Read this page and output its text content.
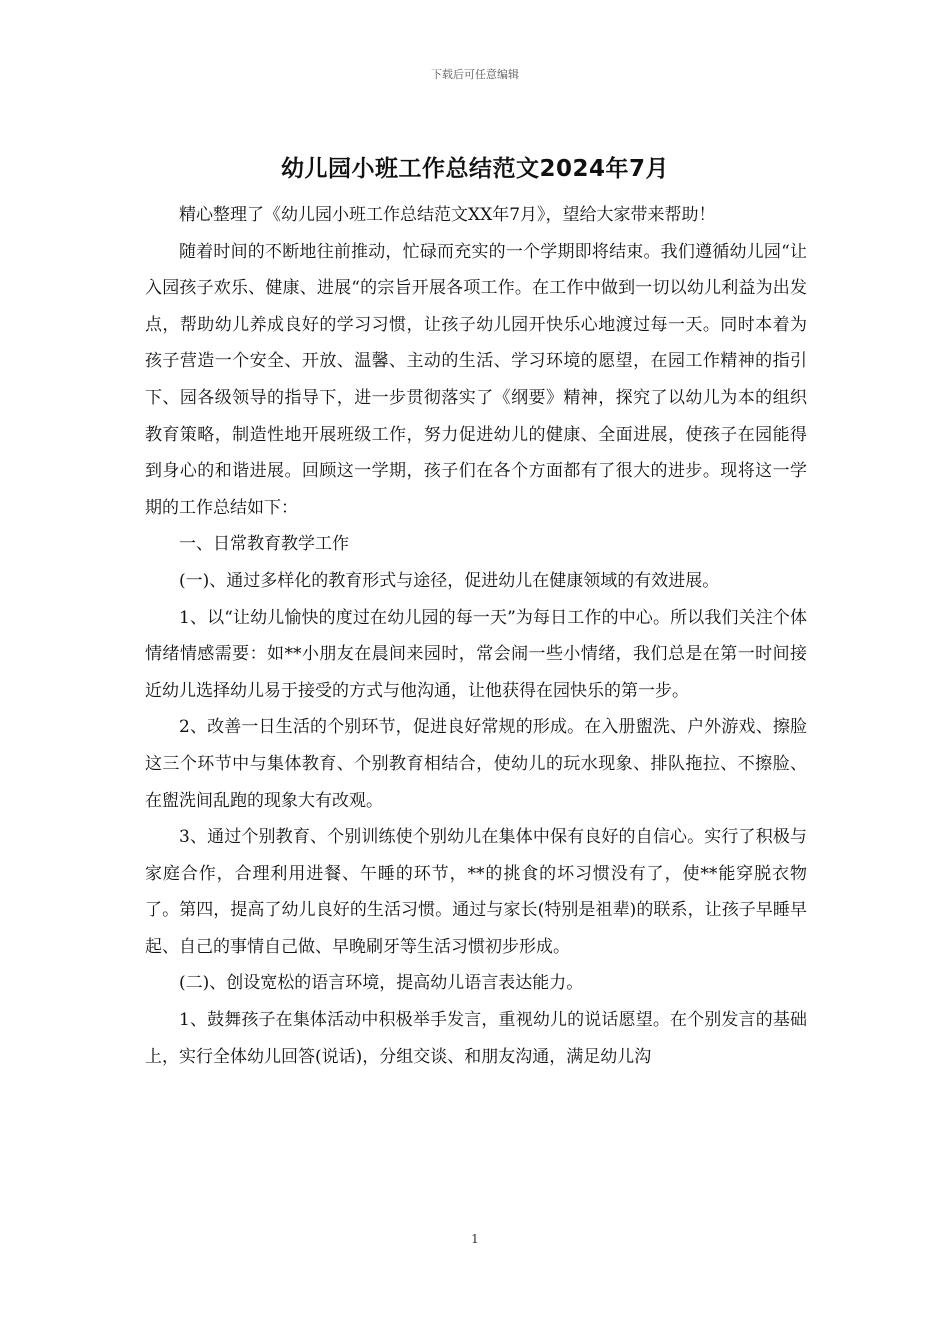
下载后可任意编辑
幼儿园小班工作总结范文2024年7月

精心整理了《幼儿园小班工作总结范文XX年7月》，望给大家带来帮助！

随着时间的不断地往前推动，忙碌而充实的一个学期即将结束。我们遵循幼儿园“让入园孩子欢乐、健康、进展“的宗旨开展各项工作。在工作中做到一切以幼儿利益为出发点，帮助幼儿养成良好的学习习惯，让孩子幼儿园开快乐心地渡过每一天。同时本着为孩子营造一个安全、开放、温馨、主动的生活、学习环境的愿望，在园工作精神的指引下、园各级领导的指导下，进一步贯彻落实了《纲要》精神，探究了以幼儿为本的组织教育策略，制造性地开展班级工作，努力促进幼儿的健康、全面进展，使孩子在园能得到身心的和谐进展。回顾这一学期，孩子们在各个方面都有了很大的进步。现将这一学期的工作总结如下：

一、日常教育教学工作

(一)、通过多样化的教育形式与途径，促进幼儿在健康领域的有效进展。

1、以“让幼儿愉快的度过在幼儿园的每一天”为每日工作的中心。所以我们关注个体情绪情感需要：如**小朋友在晨间来园时，常会闹一些小情绪，我们总是在第一时间接近幼儿选择幼儿易于接受的方式与他沟通，让他获得在园快乐的第一步。

2、改善一日生活的个别环节，促进良好常规的形成。在入册盥洗、户外游戏、擦脸这三个环节中与集体教育、个别教育相结合，使幼儿的玩水现象、排队拖拉、不擦脸、在盥洗间乱跑的现象大有改观。

3、通过个别教育、个别训练使个别幼儿在集体中保有良好的自信心。实行了积极与家庭合作，合理利用进餐、午睡的环节，**的挑食的坏习惯没有了，使**能穿脱衣物了。第四，提高了幼儿良好的生活习惯。通过与家长(特别是祖辈)的联系，让孩子早睡早起、自己的事情自己做、早晚刷牙等生活习惯初步形成。

(二)、创设宽松的语言环境，提高幼儿语言表达能力。

1、鼓舞孩子在集体活动中积极举手发言，重视幼儿的说话愿望。在个别发言的基础上，实行全体幼儿回答(说话)，分组交谈、和朋友沟通，满足幼儿沟

1
